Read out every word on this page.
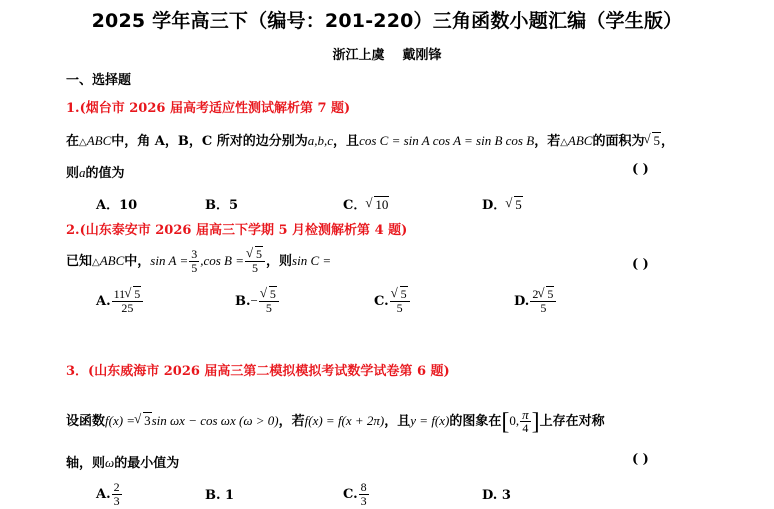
2025 学年高三下（编号：201-220）三角函数小题汇编（学生版）
浙江上虞 戴刚锋
一、选择题
1.(烟台市 2026 届高考适应性测试解析第 7 题)
在△ABC中，角 A，B，C 所对的边分别为a,b,c，且cos C = sin A cos A = sin B cos B，若△ABC的面积为 √ 5，
则a的值为	( )
A．10	B．5	C． √ 10	D． √ 5
2.(山东泰安市 2026 届高三下学期 5 月检测解析第 4 题)
已知△ABC中，$\sin A = \frac{3}{5} ,\cos$ B = √ $\frac{5}{5}$ ，则sin C =	( )
A. $\frac{11 √ 5}{25}$	B.− √ $\frac{5}{5}$	C. √ $\frac{5}{5}$	D. $\frac{2 √ 5}{5}$
3．(山东威海市 2026 届高三第二模拟模拟考试数学试卷第 6 题)
设函数f(x) = √ 3sin ωx − cos ωx (ω > 0)，若f(x) = f(x + 2π)，且y = f(x)的图象在[0, $\frac{\pi}{4}$ ]上存在对称
轴，则ω的最小值为	( )
A. $\frac{2}{3}$	B. 1	C. $\frac{8}{3}$	D. 3
